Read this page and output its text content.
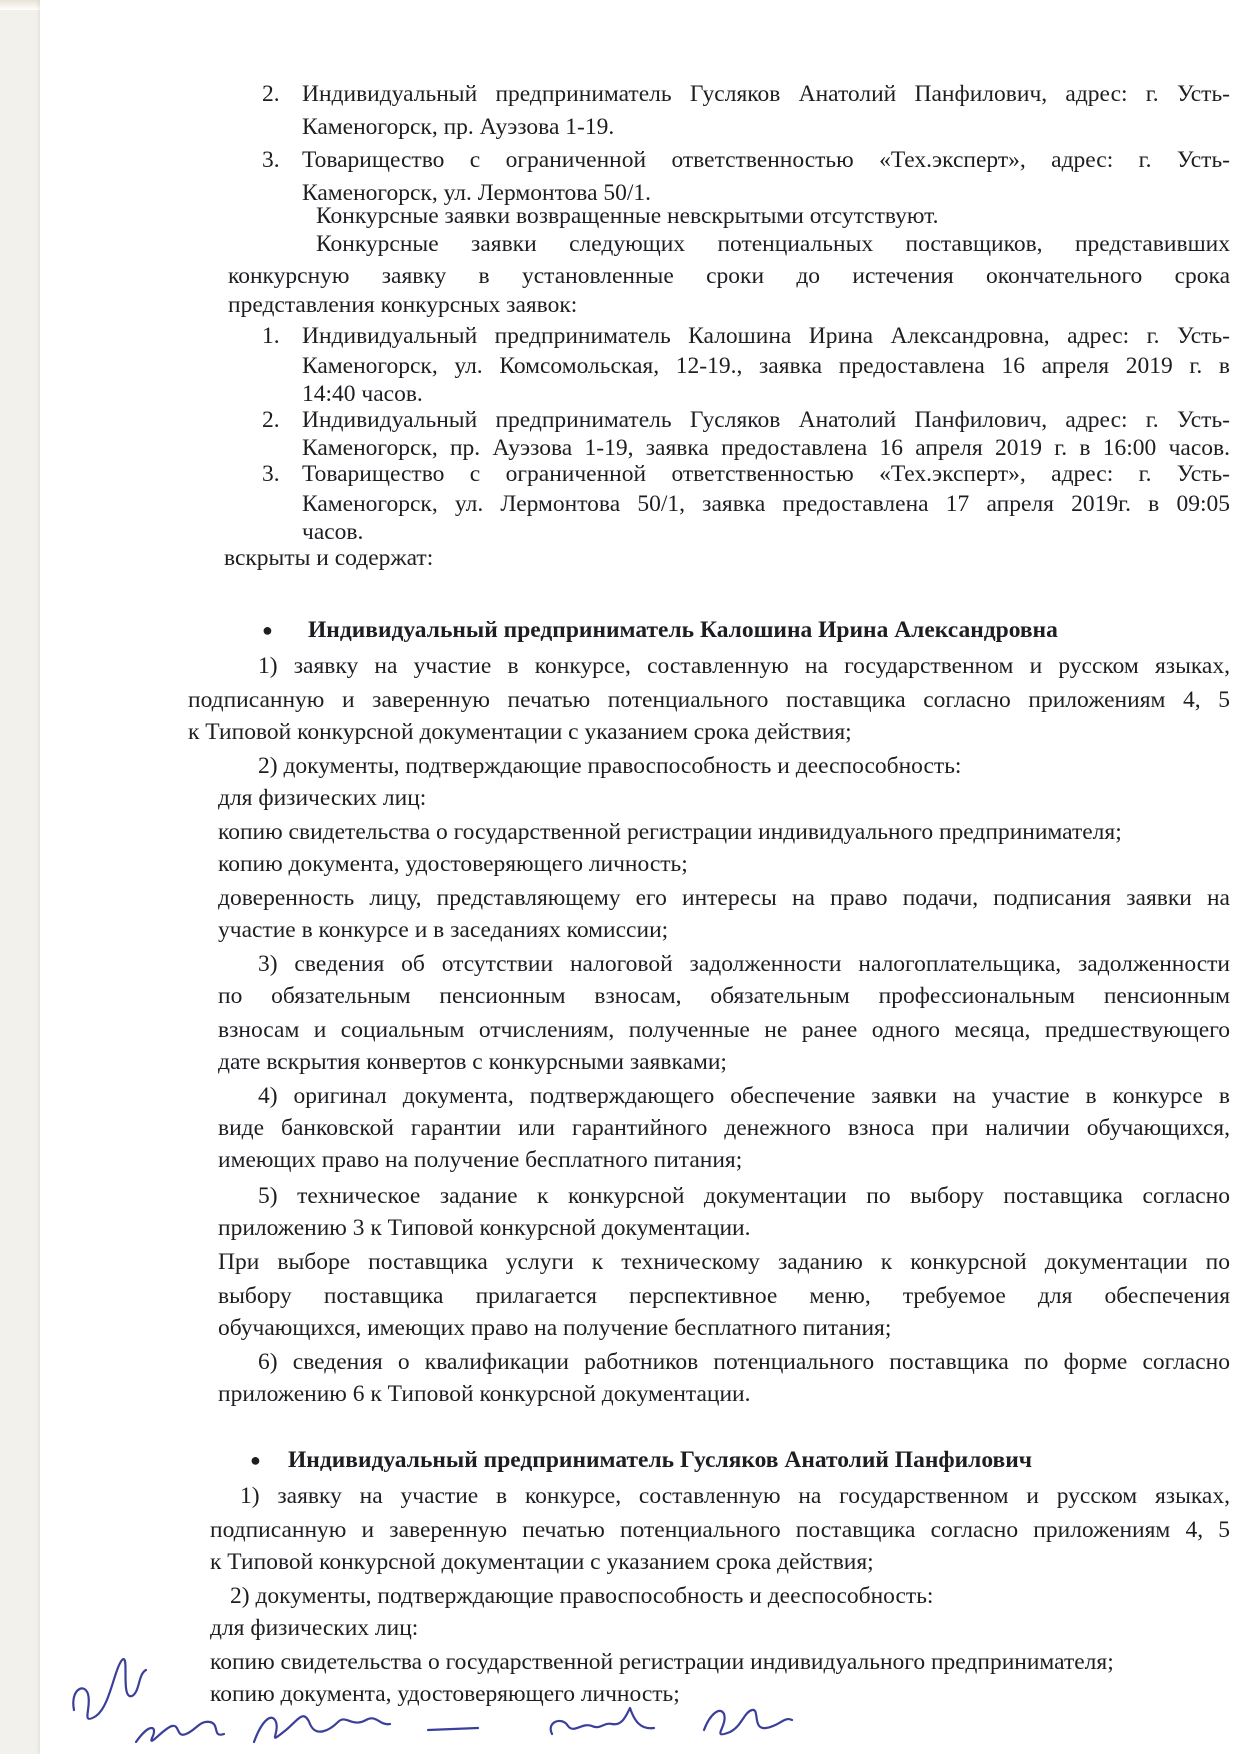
2. Индивидуальный предприниматель Гусляков Анатолий Панфилович, адрес: г. Усть-
Каменогорск, пр. Ауэзова 1-19.
3. Товарищество с ограниченной ответственностью «Тех.эксперт», адрес: г. Усть-
Каменогорск, ул. Лермонтова 50/1.
Конкурсные заявки возвращенные невскрытыми отсутствуют.
Конкурсные заявки следующих потенциальных поставщиков, представивших
конкурсную заявку в установленные сроки до истечения окончательного срока
представления конкурсных заявок:
1. Индивидуальный предприниматель Калошина Ирина Александровна, адрес: г. Усть-
Каменогорск, ул. Комсомольская, 12-19., заявка предоставлена 16 апреля 2019 г. в
14:40 часов.
2. Индивидуальный предприниматель Гусляков Анатолий Панфилович, адрес: г. Усть-
Каменогорск, пр. Ауэзова 1-19, заявка предоставлена 16 апреля 2019 г. в 16:00 часов.
3. Товарищество с ограниченной ответственностью «Тех.эксперт», адрес: г. Усть-
Каменогорск, ул. Лермонтова 50/1, заявка предоставлена 17 апреля 2019г. в 09:05
часов.
вскрыты и содержат:
● Индивидуальный предприниматель Калошина Ирина Александровна
1) заявку на участие в конкурсе, составленную на государственном и русском языках,
подписанную и заверенную печатью потенциального поставщика согласно приложениям 4, 5
к Типовой конкурсной документации с указанием срока действия;
2) документы, подтверждающие правоспособность и дееспособность:
для физических лиц:
копию свидетельства о государственной регистрации индивидуального предпринимателя;
копию документа, удостоверяющего личность;
доверенность лицу, представляющему его интересы на право подачи, подписания заявки на
участие в конкурсе и в заседаниях комиссии;
3) сведения об отсутствии налоговой задолженности налогоплательщика, задолженности
по обязательным пенсионным взносам, обязательным профессиональным пенсионным
взносам и социальным отчислениям, полученные не ранее одного месяца, предшествующего
дате вскрытия конвертов с конкурсными заявками;
4) оригинал документа, подтверждающего обеспечение заявки на участие в конкурсе в
виде банковской гарантии или гарантийного денежного взноса при наличии обучающихся,
имеющих право на получение бесплатного питания;
5) техническое задание к конкурсной документации по выбору поставщика согласно
приложению 3 к Типовой конкурсной документации.
При выборе поставщика услуги к техническому заданию к конкурсной документации по
выбору поставщика прилагается перспективное меню, требуемое для обеспечения
обучающихся, имеющих право на получение бесплатного питания;
6) сведения о квалификации работников потенциального поставщика по форме согласно
приложению 6 к Типовой конкурсной документации.
● Индивидуальный предприниматель Гусляков Анатолий Панфилович
1) заявку на участие в конкурсе, составленную на государственном и русском языках,
подписанную и заверенную печатью потенциального поставщика согласно приложениям 4, 5
к Типовой конкурсной документации с указанием срока действия;
2) документы, подтверждающие правоспособность и дееспособность:
для физических лиц:
копию свидетельства о государственной регистрации индивидуального предпринимателя;
копию документа, удостоверяющего личность;
